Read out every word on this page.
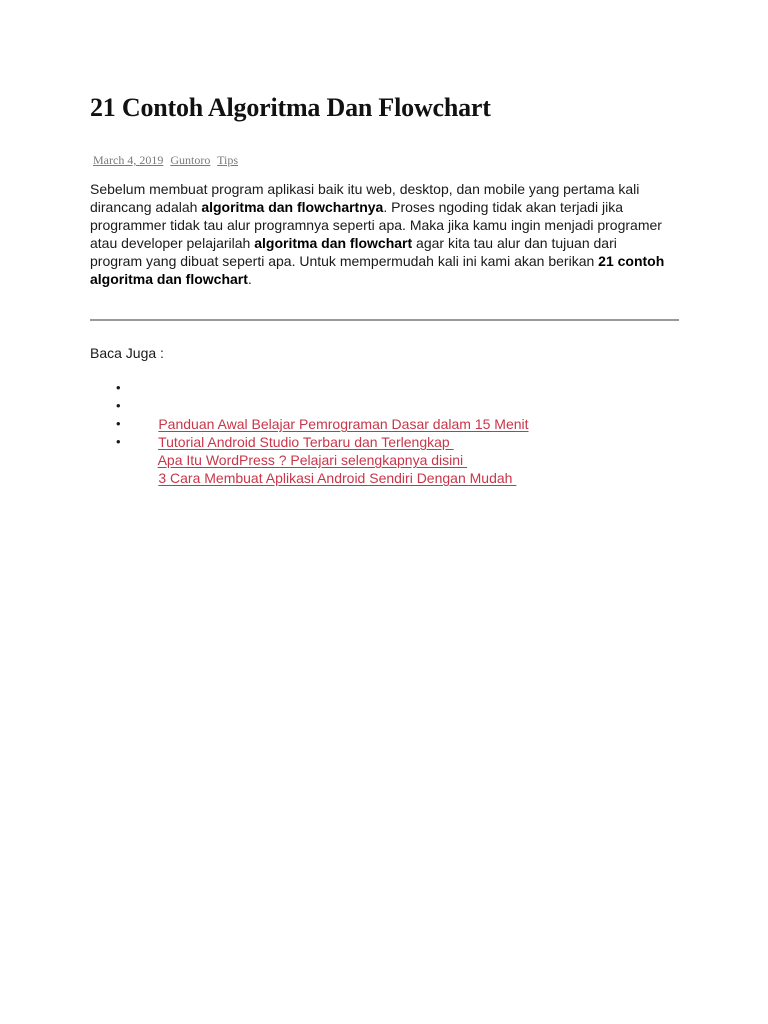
21 Contoh Algoritma Dan Flowchart
March 4, 2019 Guntoro Tips

Sebelum membuat program aplikasi baik itu web, desktop, dan mobile yang pertama kali dirancang adalah algoritma dan flowchartnya. Proses ngoding tidak akan terjadi jika programmer tidak tau alur programnya seperti apa. Maka jika kamu ingin menjadi programer atau developer pelajarilah algoritma dan flowchart agar kita tau alur dan tujuan dari program yang dibuat seperti apa. Untuk mempermudah kali ini kami akan berikan 21 contoh algoritma dan flowchart.

Baca Juga :

•

Panduan Awal Belajar Pemrograman Dasar dalam 15 Menit

•

Tutorial Android Studio Terbaru dan Terlengkap

•

Apa Itu WordPress ? Pelajari selengkapnya disini

•

3 Cara Membuat Aplikasi Android Sendiri Dengan Mudah
